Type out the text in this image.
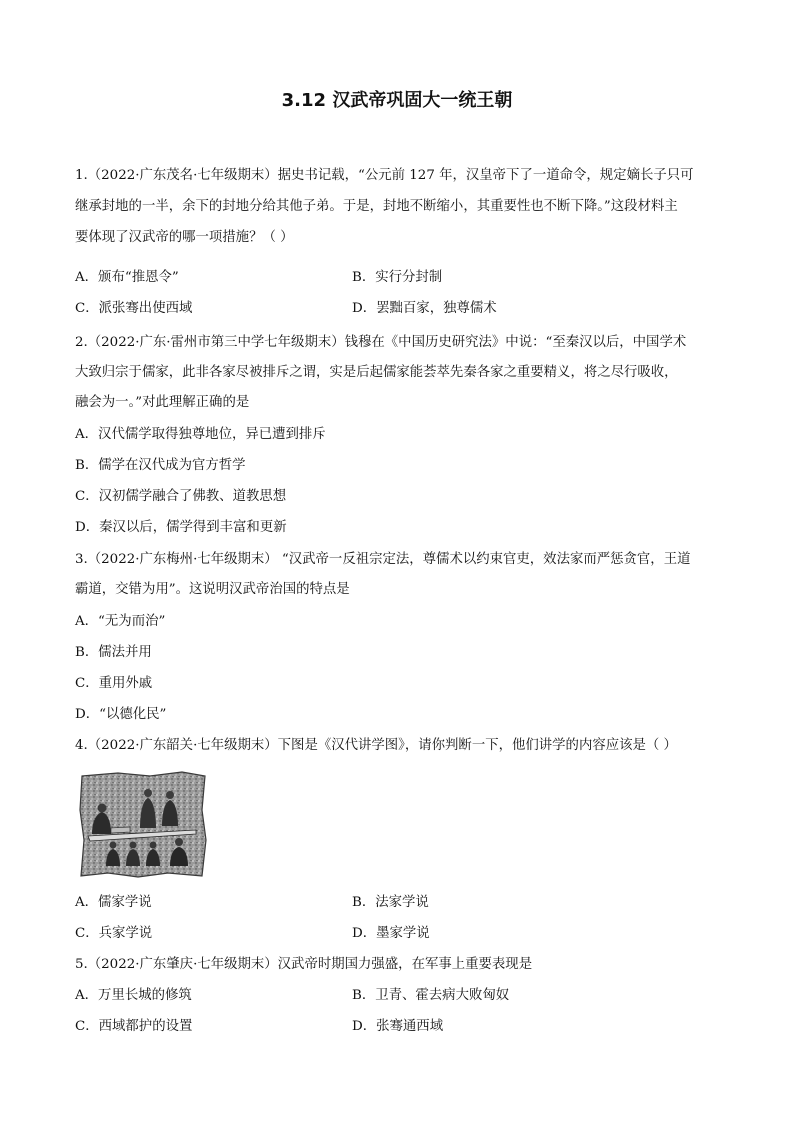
3.12 汉武帝巩固大一统王朝
1.（2022·广东茂名·七年级期末）据史书记载，“公元前 127 年，汉皇帝下了一道命令，规定嫡长子只可
继承封地的一半，余下的封地分给其他子弟。于是，封地不断缩小，其重要性也不断下降。”这段材料主
要体现了汉武帝的哪一项措施？（ ）
A．颁布“推恩令”	B．实行分封制
C．派张骞出使西域	D．罢黜百家，独尊儒术
2.（2022·广东·雷州市第三中学七年级期末）钱穆在《中国历史研究法》中说：“至秦汉以后，中国学术
大致归宗于儒家，此非各家尽被排斥之谓，实是后起儒家能荟萃先秦各家之重要精义，将之尽行吸收，
融会为一。”对此理解正确的是
A．汉代儒学取得独尊地位，异已遭到排斥
B．儒学在汉代成为官方哲学
C．汉初儒学融合了佛教、道教思想
D．秦汉以后，儒学得到丰富和更新
3.（2022·广东梅州·七年级期末） “汉武帝一反祖宗定法，尊儒术以约束官吏，效法家而严惩贪官，王道
霸道，交错为用”。这说明汉武帝治国的特点是
A．“无为而治”
B．儒法并用
C．重用外戚
D．“以德化民”
4.（2022·广东韶关·七年级期末）下图是《汉代讲学图》，请你判断一下，他们讲学的内容应该是（ ）
A．儒家学说	B．法家学说
C．兵家学说	D．墨家学说
5.（2022·广东肇庆·七年级期末）汉武帝时期国力强盛，在军事上重要表现是
A．万里长城的修筑	B．卫青、霍去病大败匈奴
C．西域都护的设置	D．张骞通西域
